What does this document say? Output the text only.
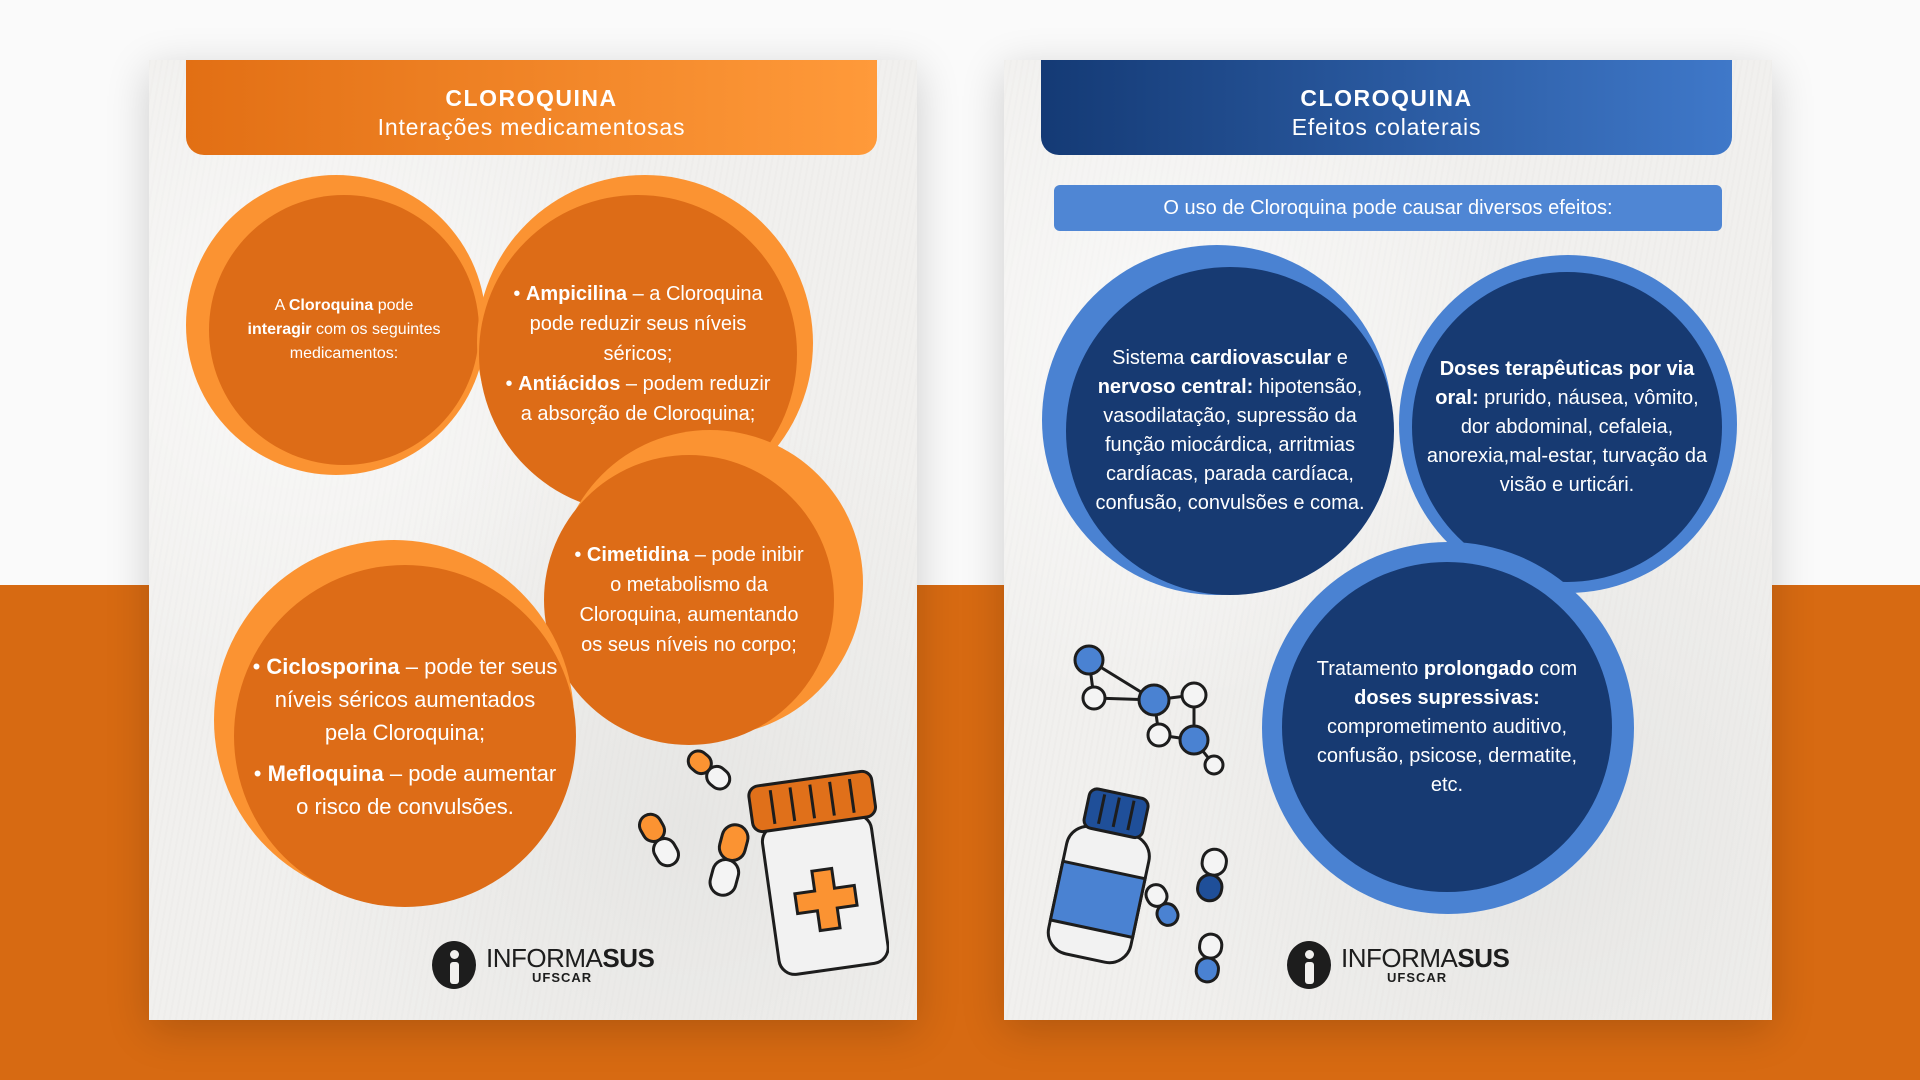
CLOROQUINA
Interações medicamentosas

A Cloroquina pode interagir com os seguintes medicamentos:

• Ampicilina – a Cloroquina pode reduzir seus níveis séricos;

• Antiácidos – podem reduzir a absorção de Cloroquina;

• Cimetidina – pode inibir o metabolismo da Cloroquina, aumentando os seus níveis no corpo;

• Ciclosporina – pode ter seus níveis séricos aumentados pela Cloroquina;

• Mefloquina – pode aumentar o risco de convulsões.

INFORMASUS
UFSCAR
CLOROQUINA
Efeitos colaterais
O uso de Cloroquina pode causar diversos efeitos:

Sistema cardiovascular e nervoso central: hipotensão, vasodilatação, supressão da função miocárdica, arritmias cardíacas, parada cardíaca, confusão, convulsões e coma.

Doses terapêuticas por via oral: prurido, náusea, vômito, dor abdominal, cefaleia, anorexia,mal-estar, turvação da visão e urticári.

Tratamento prolongado com doses supressivas: comprometimento auditivo, confusão, psicose, dermatite, etc.

INFORMASUS
UFSCAR
